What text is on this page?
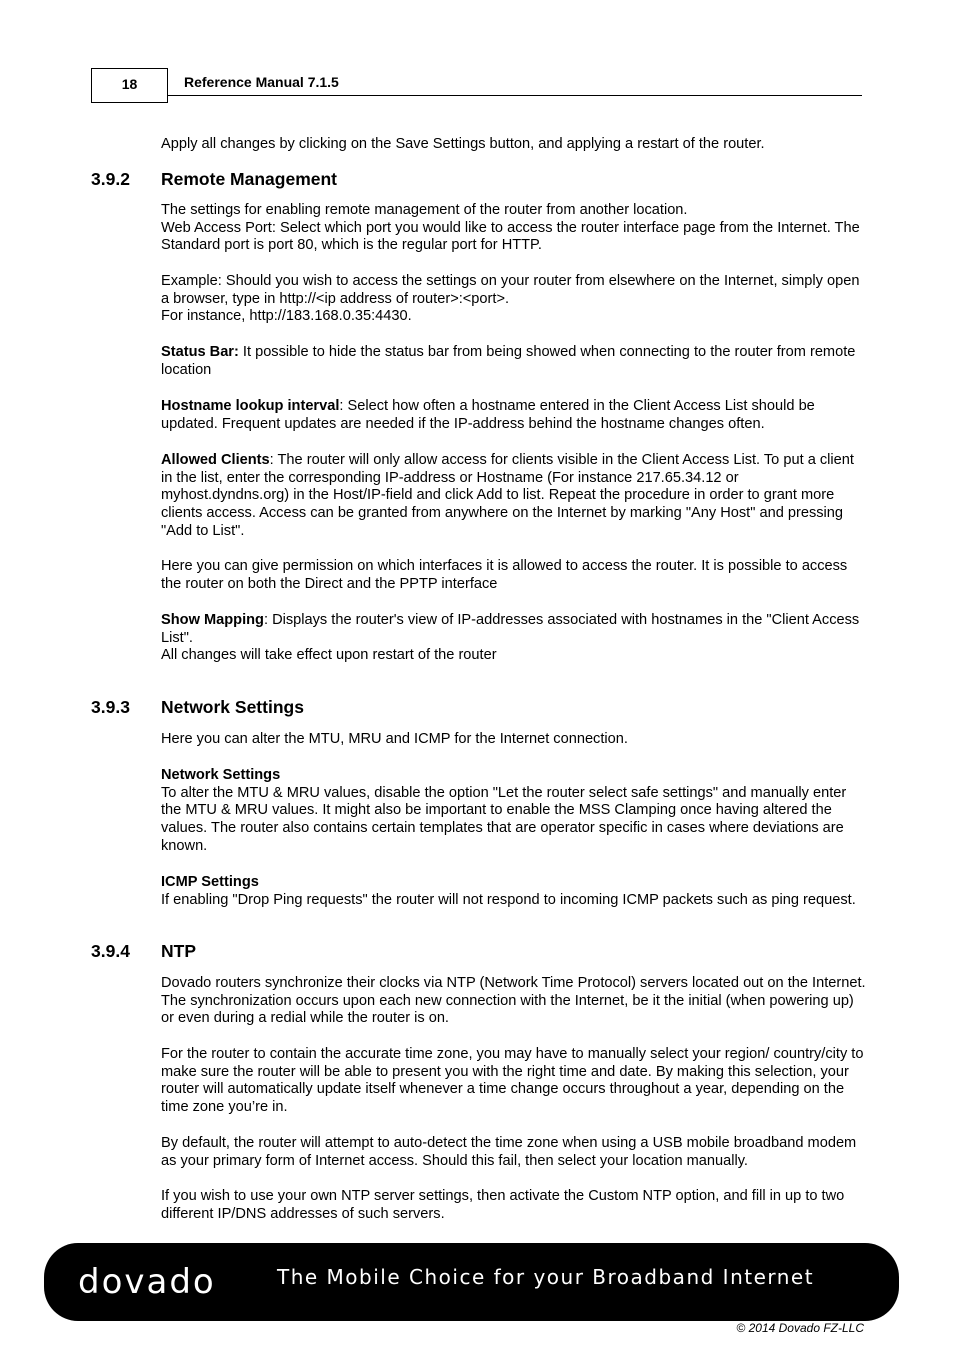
18	Reference Manual 7.1.5

Apply all changes by clicking on the Save Settings button, and applying a restart of the router.

3.9.2 Remote Management

The settings for enabling remote management of the router from another location.
Web Access Port: Select which port you would like to access the router interface page from the Internet. The Standard port is port 80, which is the regular port for HTTP.

Example: Should you wish to access the settings on your router from elsewhere on the Internet, simply open a browser, type in http://<ip address of router>:<port>.
For instance, http://183.168.0.35:4430.

Status Bar: It possible to hide the status bar from being showed when connecting to the router from remote location

Hostname lookup interval: Select how often a hostname entered in the Client Access List should be updated. Frequent updates are needed if the IP-address behind the hostname changes often.

Allowed Clients: The router will only allow access for clients visible in the Client Access List. To put a client in the list, enter the corresponding IP-address or Hostname (For instance 217.65.34.12 or myhost.dyndns.org) in the Host/IP-field and click Add to list. Repeat the procedure in order to grant more clients access. Access can be granted from anywhere on the Internet by marking "Any Host" and pressing "Add to List".

Here you can give permission on which interfaces it is allowed to access the router. It is possible to access the router on both the Direct and the PPTP interface

Show Mapping: Displays the router's view of IP-addresses associated with hostnames in the "Client Access List".
All changes will take effect upon restart of the router

3.9.3 Network Settings

Here you can alter the MTU, MRU and ICMP for the Internet connection.

Network Settings
To alter the MTU & MRU values, disable the option "Let the router select safe settings" and manually enter the MTU & MRU values. It might also be important to enable the MSS Clamping once having altered the values. The router also contains certain templates that are operator specific in cases where deviations are known.

ICMP Settings
If enabling "Drop Ping requests" the router will not respond to incoming ICMP packets such as ping request.

3.9.4 NTP

Dovado routers synchronize their clocks via NTP (Network Time Protocol) servers located out on the Internet. The synchronization occurs upon each new connection with the Internet, be it the initial (when powering up) or even during a redial while the router is on.

For the router to contain the accurate time zone, you may have to manually select your region/ country/city to make sure the router will be able to present you with the right time and date. By making this selection, your router will automatically update itself whenever a time change occurs throughout a year, depending on the time zone you’re in.

By default, the router will attempt to auto-detect the time zone when using a USB mobile broadband modem as your primary form of Internet access. Should this fail, then select your location manually.

If you wish to use your own NTP server settings, then activate the Custom NTP option, and fill in up to two different IP/DNS addresses of such servers.

dovado	The Mobile Choice for your Broadband Internet
© 2014 Dovado FZ-LLC
